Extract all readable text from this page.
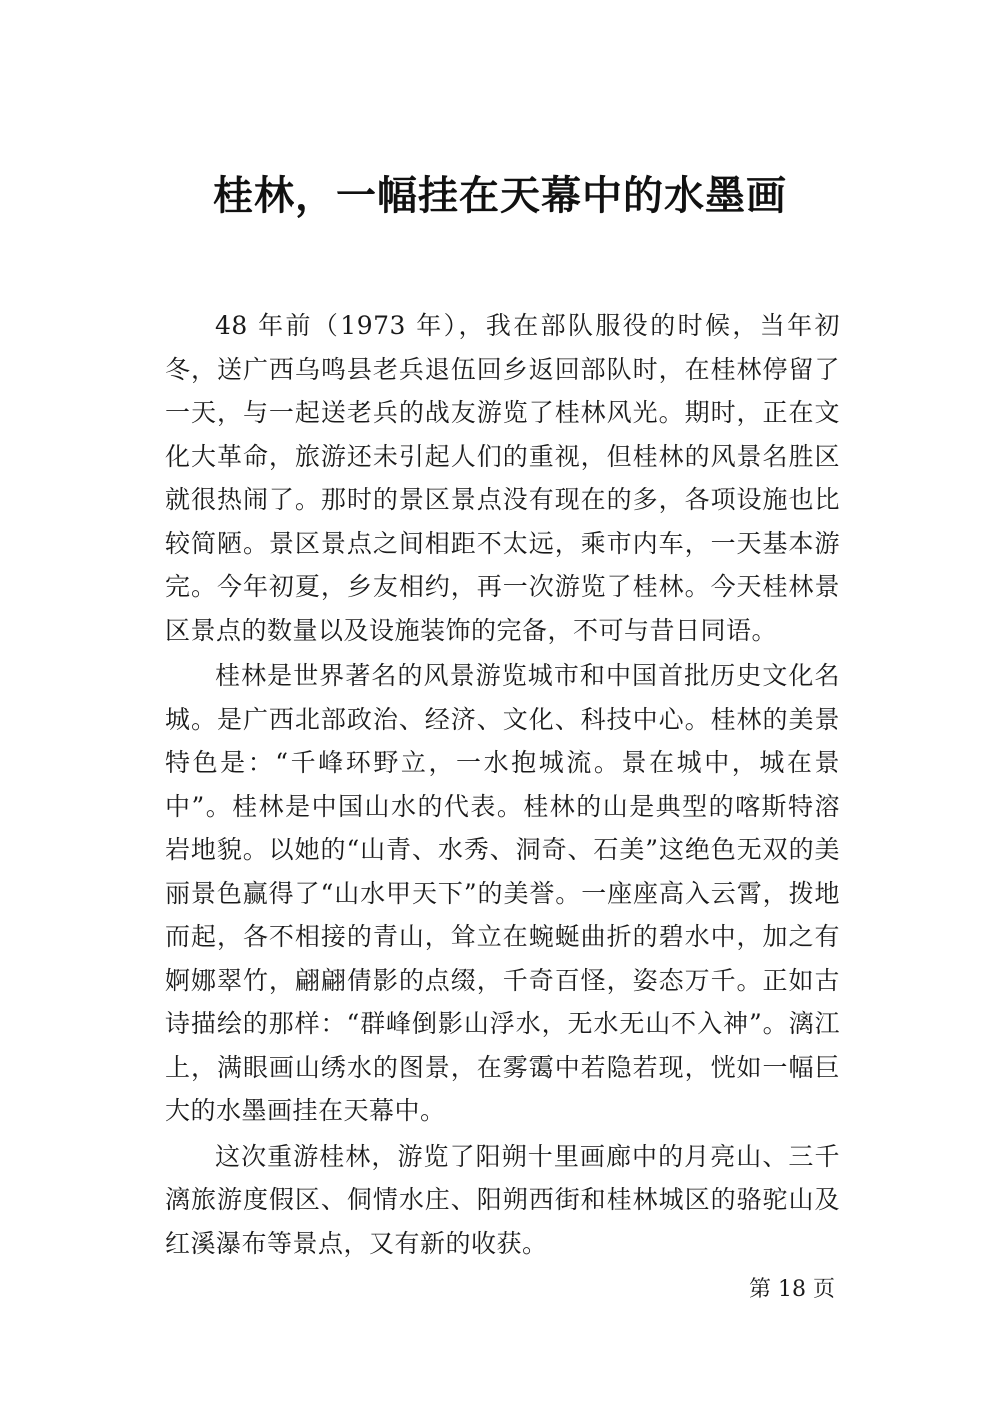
桂林，一幅挂在天幕中的水墨画

48 年前（1973 年），我在部队服役的时候，当年初冬，送广西乌鸣县老兵退伍回乡返回部队时，在桂林停留了一天，与一起送老兵的战友游览了桂林风光。期时，正在文化大革命，旅游还未引起人们的重视，但桂林的风景名胜区就很热闹了。那时的景区景点没有现在的多，各项设施也比较简陋。景区景点之间相距不太远，乘市内车，一天基本游完。今年初夏，乡友相约，再一次游览了桂林。今天桂林景区景点的数量以及设施装饰的完备，不可与昔日同语。

桂林是世界著名的风景游览城市和中国首批历史文化名城。是广西北部政治、经济、文化、科技中心。桂林的美景特色是：“千峰环野立，一水抱城流。景在城中，城在景中”。桂林是中国山水的代表。桂林的山是典型的喀斯特溶岩地貌。以她的“山青、水秀、洞奇、石美”这绝色无双的美丽景色赢得了“山水甲天下”的美誉。一座座高入云霄，拨地而起，各不相接的青山，耸立在蜿蜒曲折的碧水中，加之有婀娜翠竹，翩翩倩影的点缀，千奇百怪，姿态万千。正如古诗描绘的那样：“群峰倒影山浮水，无水无山不入神”。漓江上，满眼画山绣水的图景，在雾霭中若隐若现，恍如一幅巨大的水墨画挂在天幕中。

这次重游桂林，游览了阳朔十里画廊中的月亮山、三千漓旅游度假区、侗情水庄、阳朔西街和桂林城区的骆驼山及红溪瀑布等景点，又有新的收获。

第 18 页
